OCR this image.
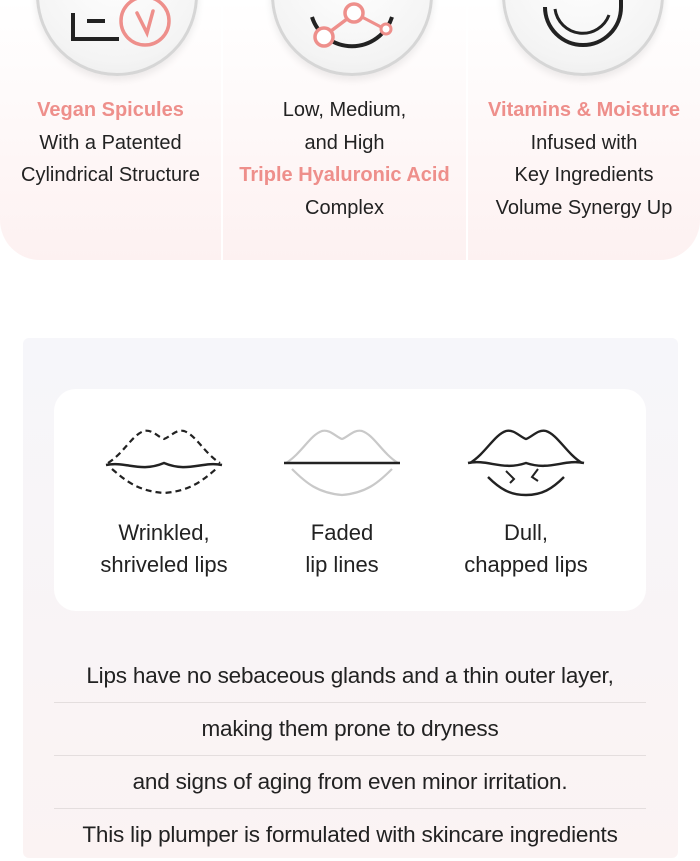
Vegan Spicules
With a Patented
Cylindrical Structure
Low, Medium,
and High
Triple Hyaluronic Acid
Complex
Vitamins & Moisture
Infused with
Key Ingredients
Volume Synergy Up
Wrinkled,
shriveled lips
Faded
lip lines
Dull,
chapped lips
Lips have no sebaceous glands and a thin outer layer,
making them prone to dryness
and signs of aging from even minor irritation.
This lip plumper is formulated with skincare ingredients
